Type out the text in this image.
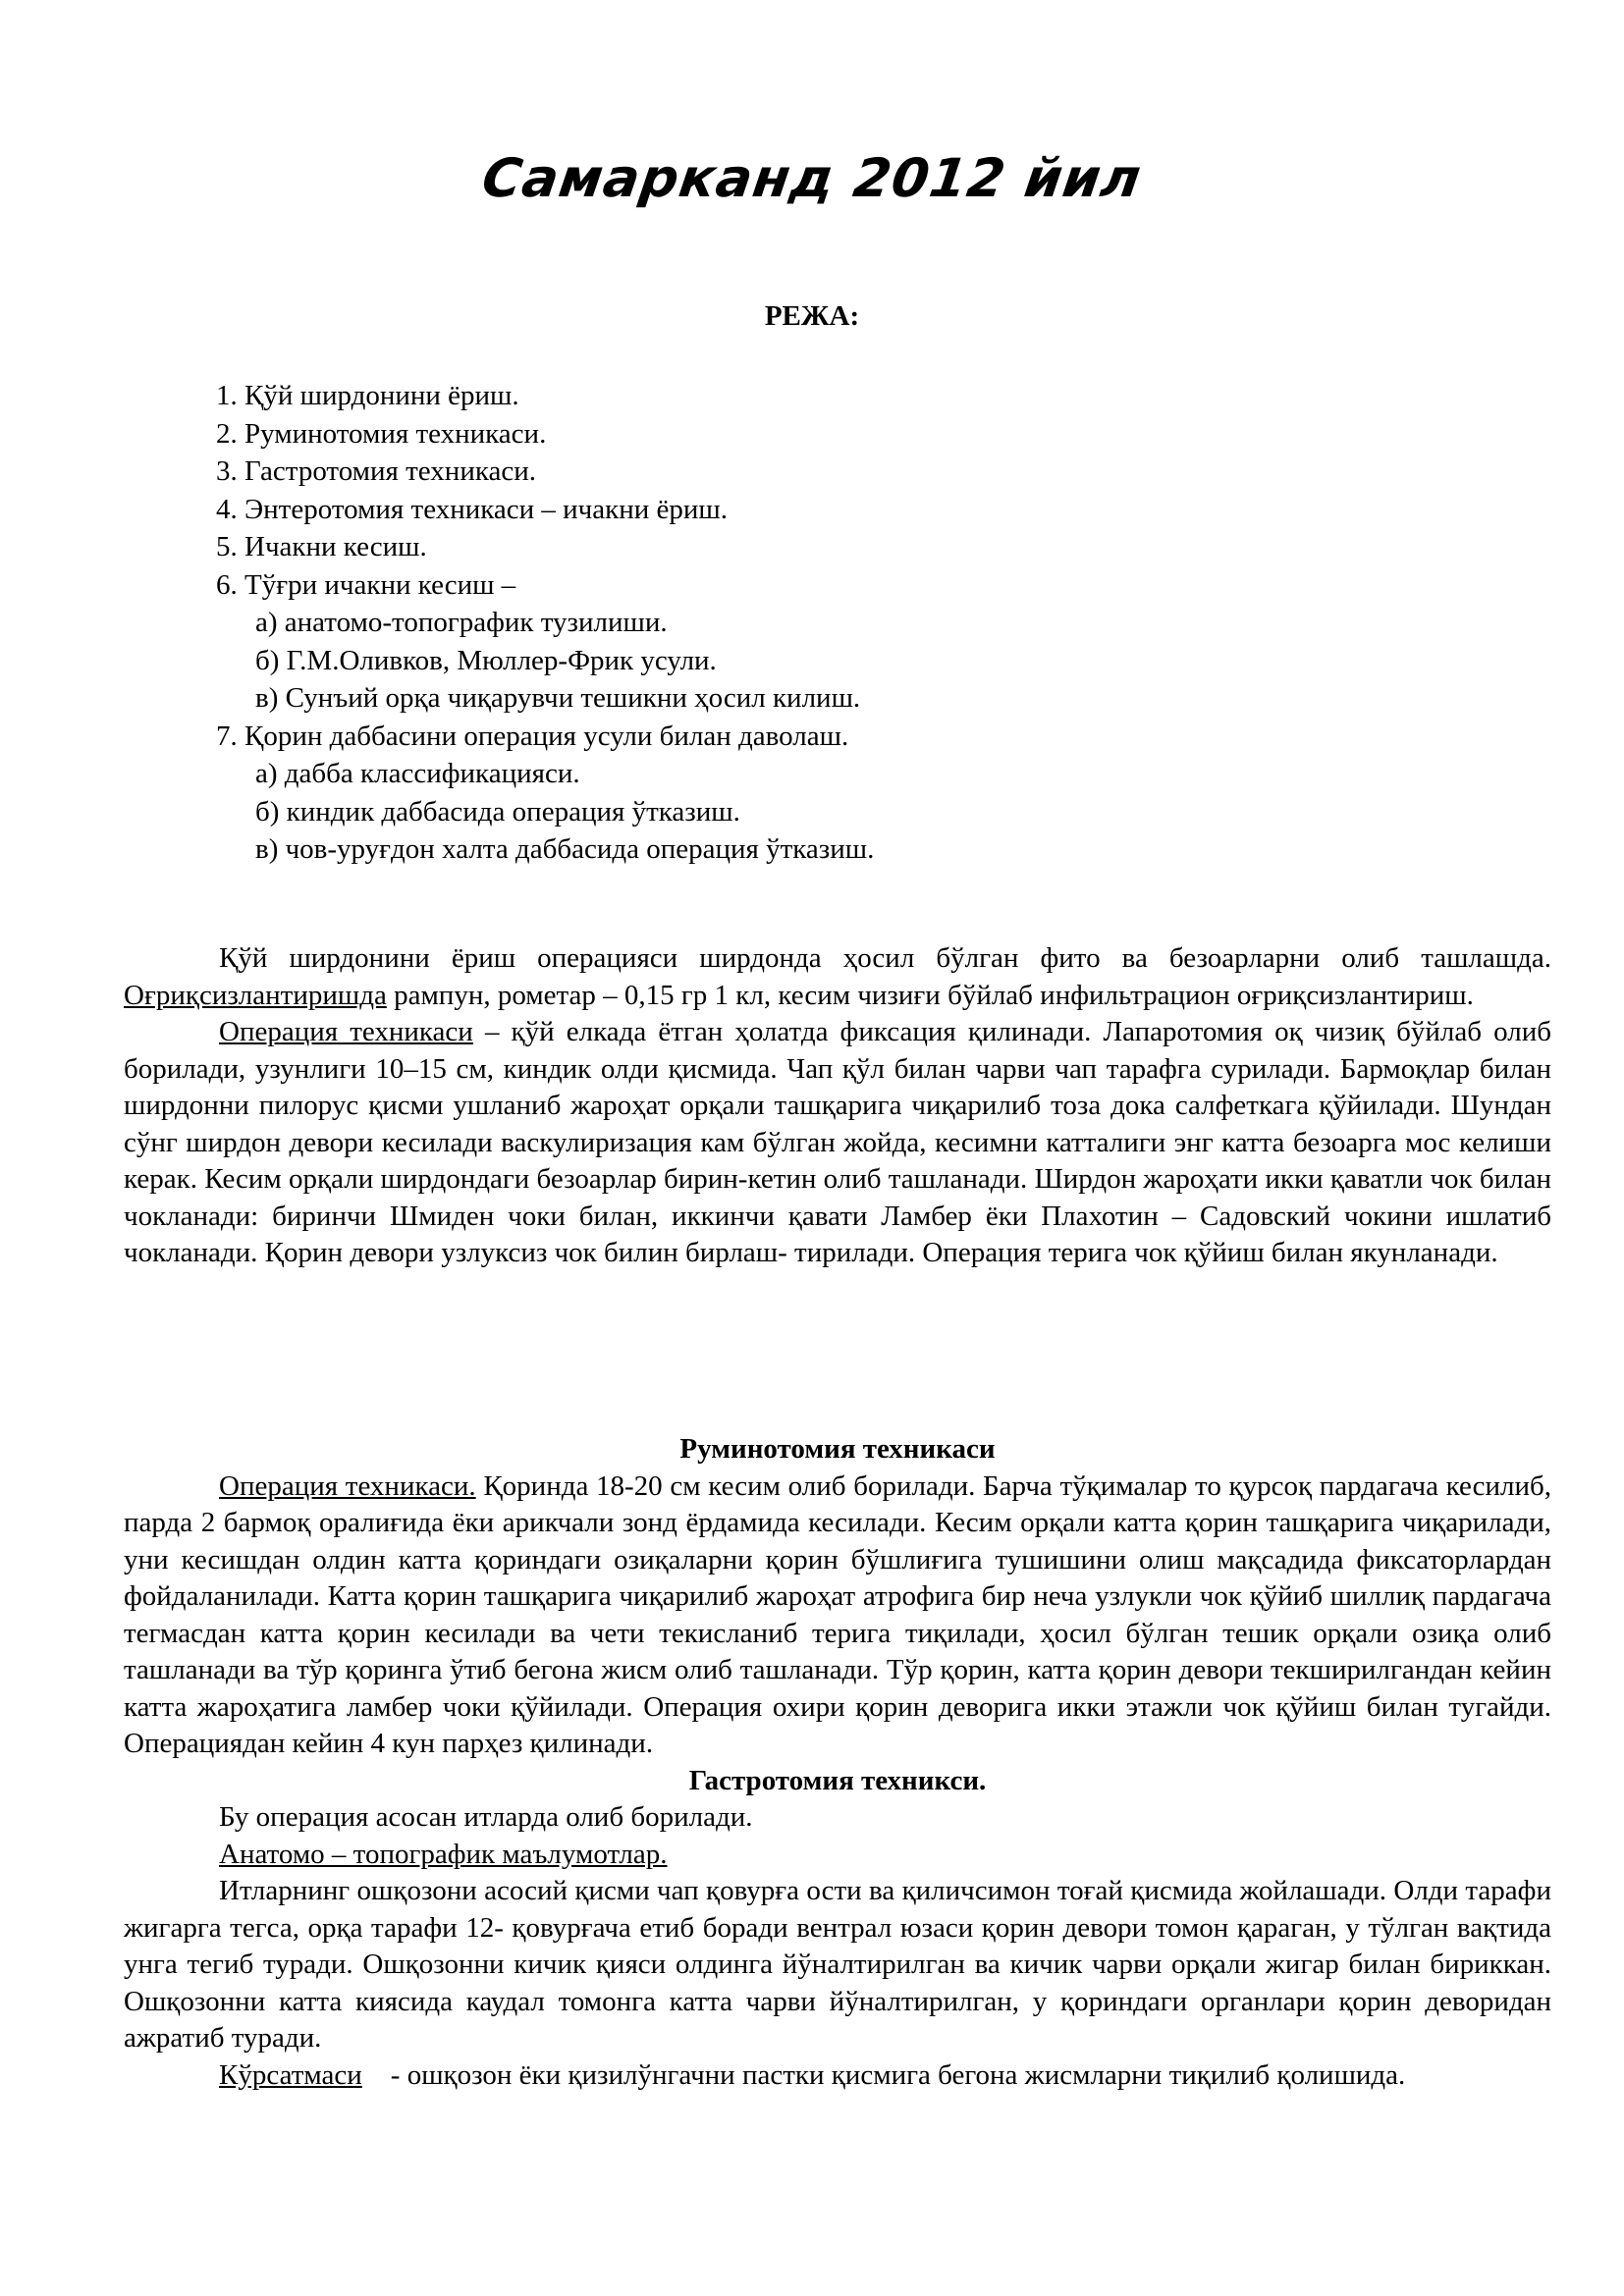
Самарканд 2012 йил
РЕЖА:
1. Қўй ширдонини ёриш.
2. Руминотомия техникаси.
3. Гастротомия техникаси.
4. Энтеротомия техникаси – ичакни ёриш.
5. Ичакни кесиш.
6. Тўғри ичакни кесиш –
а) анатомо-топографик тузилиши.
б) Г.М.Оливков, Мюллер-Фрик усули.
в) Сунъий орқа чиқарувчи тешикни ҳосил килиш.
7. Қорин даббасини операция усули билан даволаш.
а) дабба классификацияси.
б) киндик даббасида операция ўтказиш.
в) чов-уруғдон халта даббасида операция ўтказиш.

Қўй ширдонини ёриш операцияси ширдонда ҳосил бўлган фито ва безоарларни олиб ташлашда. Оғриқсизлантиришда рампун, рометар – 0,15 гр 1 кл, кесим чизиғи бўйлаб инфильтрацион оғриқсизлантириш.

Операция техникаси – қўй елкада ётган ҳолатда фиксация қилинади. Лапаротомия оқ чизиқ бўйлаб олиб борилади, узунлиги 10–15 см, киндик олди қисмида. Чап қўл билан чарви чап тарафга сурилади. Бармоқлар билан ширдонни пилорус қисми ушланиб жароҳат орқали ташқарига чиқарилиб тоза дока салфеткага қўйилади. Шундан сўнг ширдон девори кесилади васкулиризация кам бўлган жойда, кесимни катталиги энг катта безоарга мос келиши керак. Кесим орқали ширдондаги безоарлар бирин-кетин олиб ташланади. Ширдон жароҳати икки қаватли чок билан чокланади: биринчи Шмиден чоки билан, иккинчи қавати Ламбер ёки Плахотин – Садовский чокини ишлатиб чокланади. Қорин девори узлуксиз чок билин бирлаш- тирилади. Операция терига чок қўйиш билан якунланади.

Руминотомия техникаси

Операция техникаси. Қоринда 18-20 см кесим олиб борилади. Барча тўқималар то қурсоқ пардагача кесилиб, парда 2 бармоқ оралиғида ёки арикчали зонд ёрдамида кесилади. Кесим орқали катта қорин ташқарига чиқарилади, уни кесишдан олдин катта қориндаги озиқаларни қорин бўшлиғига тушишини олиш мақсадида фиксаторлардан фойдаланилади. Катта қорин ташқарига чиқарилиб жароҳат атрофига бир неча узлукли чок қўйиб шиллиқ пардагача тегмасдан катта қорин кесилади ва чети текисланиб терига тиқилади, ҳосил бўлган тешик орқали озиқа олиб ташланади ва тўр қоринга ўтиб бегона жисм олиб ташланади. Тўр қорин, катта қорин девори текширилгандан кейин катта жароҳатига ламбер чоки қўйилади. Операция охири қорин деворига икки этажли чок қўйиш билан тугайди. Операциядан кейин 4 кун парҳез қилинади.

Гастротомия техникси.

Бу операция асосан итларда олиб борилади.

Анатомо – топографик маълумотлар.

Итларнинг ошқозони асосий қисми чап қовурға ости ва қиличсимон тоғай қисмида жойлашади. Олди тарафи жигарга тегса, орқа тарафи 12- қовурғача етиб боради вентрал юзаси қорин девори томон қараган, у тўлган вақтида унга тегиб туради. Ошқозонни кичик қияси олдинга йўналтирилган ва кичик чарви орқали жигар билан бириккан. Ошқозонни катта киясида каудал томонга катта чарви йўналтирилган, у қориндаги органлари қорин деворидан ажратиб туради.

Кўрсатмаси - ошқозон ёки қизилўнгачни пастки қисмига бегона жисмларни тиқилиб қолишида.
